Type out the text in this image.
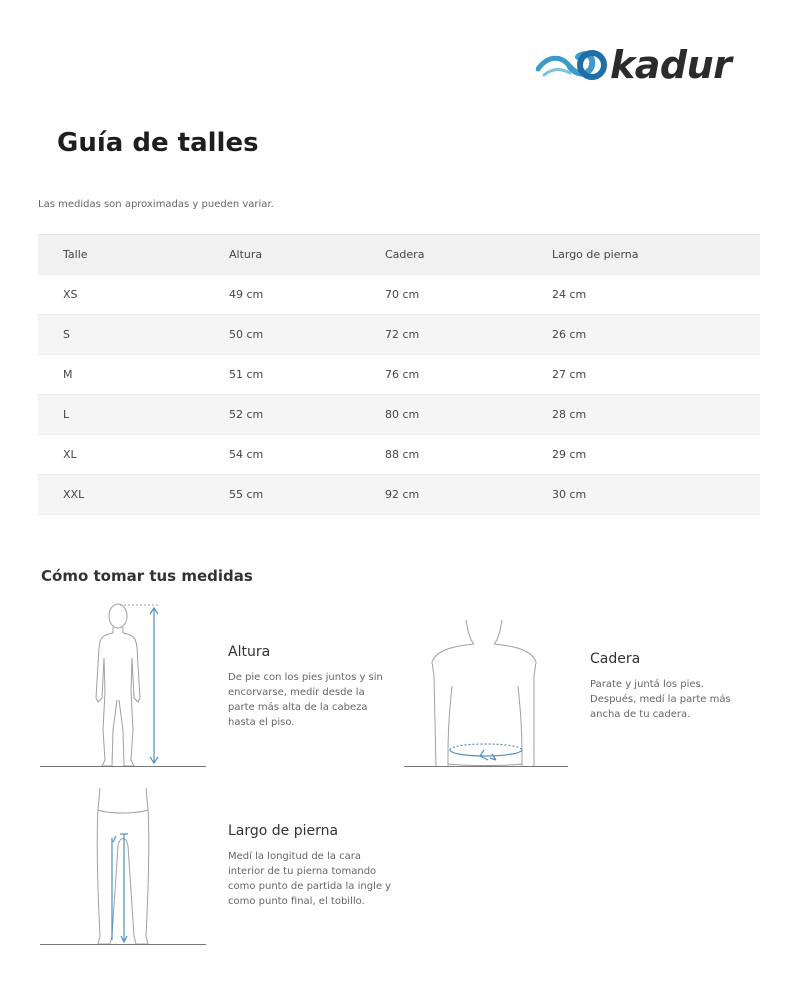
kadur
Guía de talles
Las medidas son aproximadas y pueden variar.
Talle	Altura	Cadera	Largo de pierna
XS	49 cm	70 cm	24 cm
S	50 cm	72 cm	26 cm
M	51 cm	76 cm	27 cm
L	52 cm	80 cm	28 cm
XL	54 cm	88 cm	29 cm
XXL	55 cm	92 cm	30 cm
Cómo tomar tus medidas
Altura
De pie con los pies juntos y sin encorvarse, medir desde la parte más alta de la cabeza hasta el piso.
Cadera
Parate y juntá los pies. Después, medí la parte más ancha de tu cadera.
Largo de pierna
Medí la longitud de la cara interior de tu pierna tomando como punto de partida la ingle y como punto final, el tobillo.
